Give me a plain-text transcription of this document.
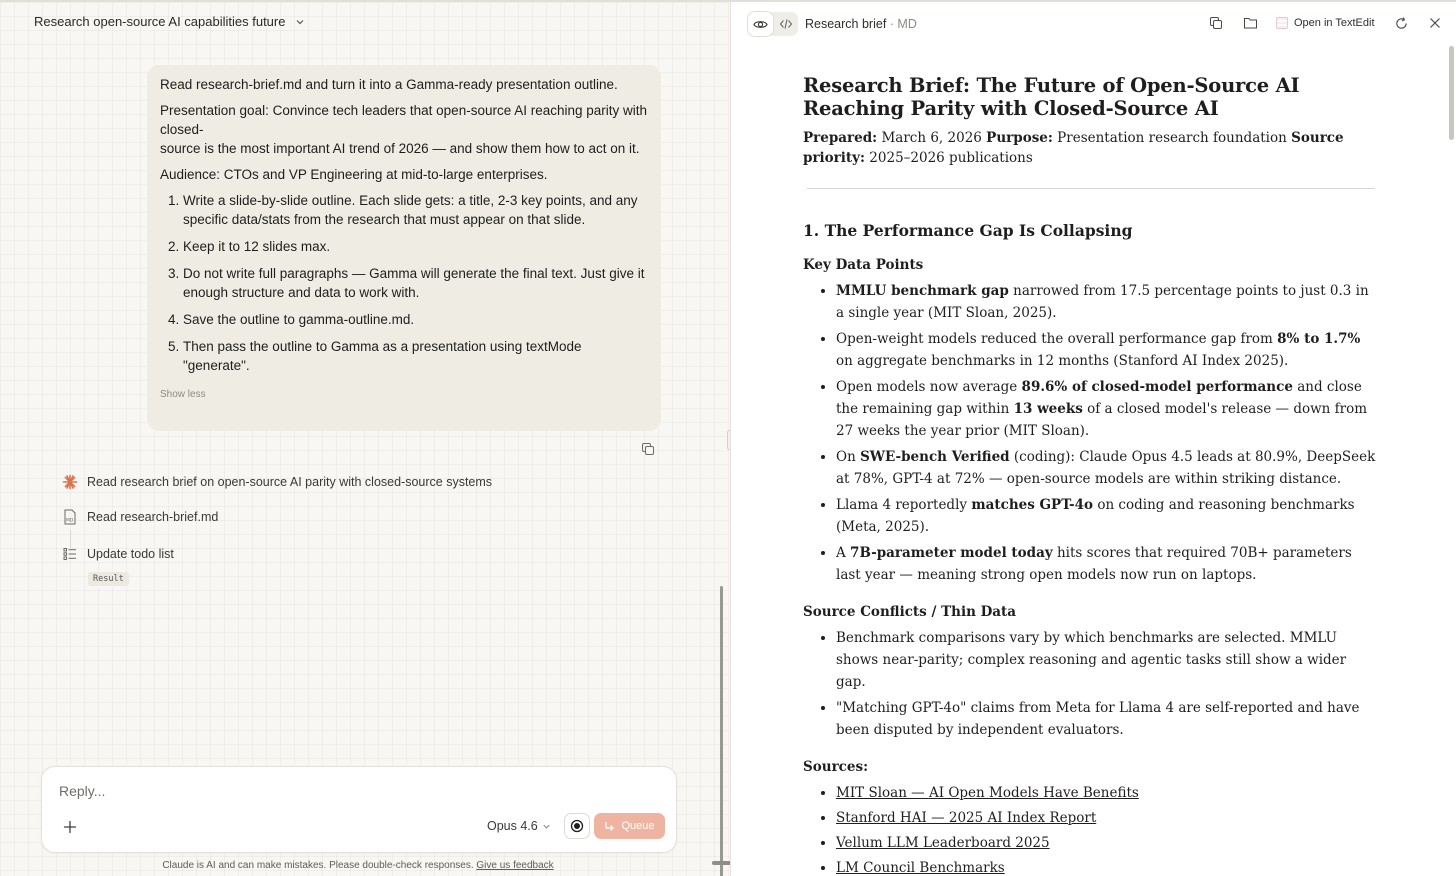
Research open-source AI capabilities future

Read research-brief.md and turn it into a Gamma-ready presentation outline.

Presentation goal: Convince tech leaders that open-source AI reaching parity with closed-

source is the most important AI trend of 2026 — and show them how to act on it.

Audience: CTOs and VP Engineering at mid-to-large enterprises.

1. Write a slide-by-slide outline. Each slide gets: a title, 2-3 key points, and any specific data/stats from the research that must appear on that slide.
2. Keep it to 12 slides max.
3. Do not write full paragraphs — Gamma will generate the final text. Just give it enough structure and data to work with.
4. Save the outline to gamma-outline.md.
5. Then pass the outline to Gamma as a presentation using textMode "generate".
Show less
Read research brief on open-source AI parity with closed-source systems
MD Read research-brief.md
Update todo list
Result
Reply...
Opus 4.6	Queue
Claude is AI and can make mistakes. Please double-check responses. Give us feedback
Research brief · MD	Open in TextEdit
Research Brief: The Future of Open-Source AI Reaching Parity with Closed-Source AI
Prepared: March 6, 2026 Purpose: Presentation research foundation Source priority: 2025–2026 publications
1. The Performance Gap Is Collapsing
Key Data Points
• MMLU benchmark gap narrowed from 17.5 percentage points to just 0.3 in a single year (MIT Sloan, 2025).
• Open-weight models reduced the overall performance gap from 8% to 1.7% on aggregate benchmarks in 12 months (Stanford AI Index 2025).
• Open models now average 89.6% of closed-model performance and close the remaining gap within 13 weeks of a closed model's release — down from 27 weeks the year prior (MIT Sloan).
• On SWE-bench Verified (coding): Claude Opus 4.5 leads at 80.9%, DeepSeek at 78%, GPT-4 at 72% — open-source models are within striking distance.
• Llama 4 reportedly matches GPT-4o on coding and reasoning benchmarks (Meta, 2025).
• A 7B-parameter model today hits scores that required 70B+ parameters last year — meaning strong open models now run on laptops.
Source Conflicts / Thin Data
• Benchmark comparisons vary by which benchmarks are selected. MMLU shows near-parity; complex reasoning and agentic tasks still show a wider gap.
• "Matching GPT-4o" claims from Meta for Llama 4 are self-reported and have been disputed by independent evaluators.
Sources:
• MIT Sloan — AI Open Models Have Benefits
• Stanford HAI — 2025 AI Index Report
• Vellum LLM Leaderboard 2025
• LM Council Benchmarks
